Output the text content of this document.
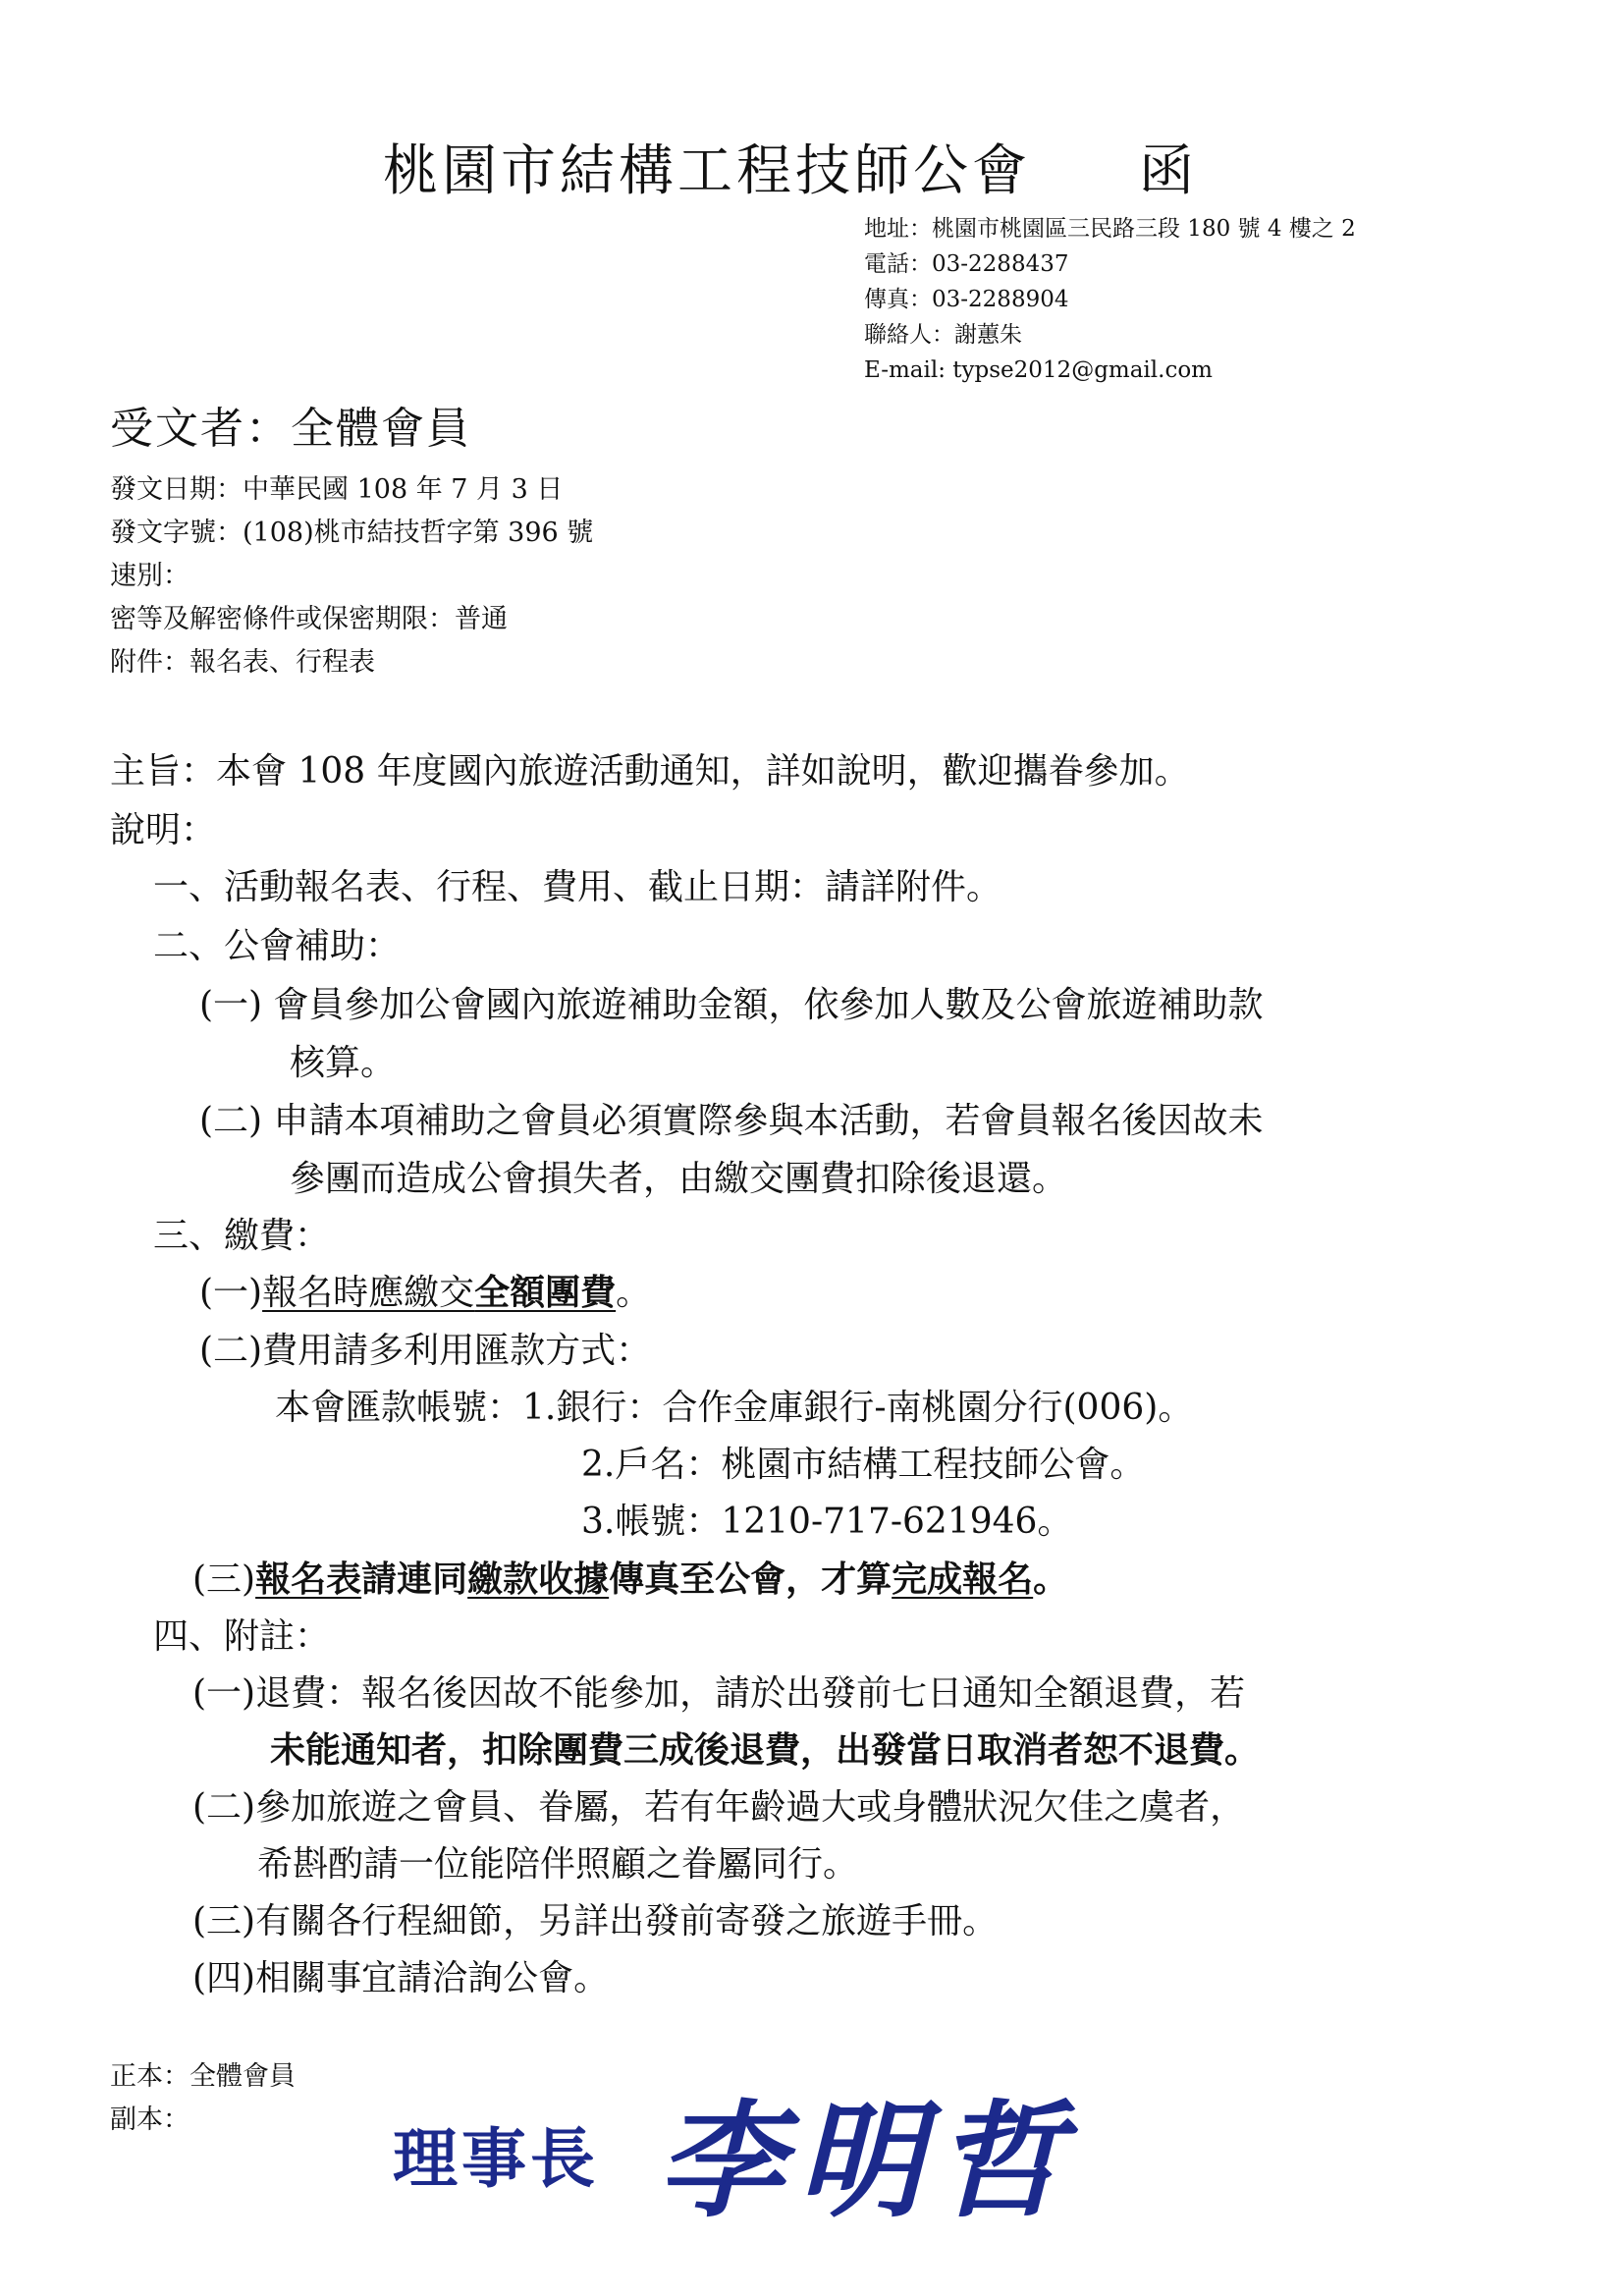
桃園市結構工程技師公會 函
地址：桃園市桃園區三民路三段 180 號 4 樓之 2
電話：03-2288437
傳真：03-2288904
聯絡人：謝蕙朱
E-mail: typse2012@gmail.com
受文者：全體會員
發文日期：中華民國 108 年 7 月 3 日
發文字號：(108)桃市結技哲字第 396 號
速別：
密等及解密條件或保密期限：普通
附件：報名表、行程表
主旨：本會 108 年度國內旅遊活動通知，詳如說明，歡迎攜眷參加。
說明：
一、活動報名表、行程、費用、截止日期：請詳附件。
二、公會補助：
(一) 會員參加公會國內旅遊補助金額，依參加人數及公會旅遊補助款
核算。
(二) 申請本項補助之會員必須實際參與本活動，若會員報名後因故未
參團而造成公會損失者，由繳交團費扣除後退還。
三、繳費：
(一)報名時應繳交全額團費。
(二)費用請多利用匯款方式：
本會匯款帳號：1.銀行：合作金庫銀行-南桃園分行(006)。
2.戶名：桃園市結構工程技師公會。
3.帳號：1210-717-621946。
(三)報名表請連同繳款收據傳真至公會，才算完成報名。
四、附註：
(一)退費：報名後因故不能參加，請於出發前七日通知全額退費，若
未能通知者，扣除團費三成後退費，出發當日取消者恕不退費。
(二)參加旅遊之會員、眷屬，若有年齡過大或身體狀況欠佳之虞者，
希斟酌請一位能陪伴照顧之眷屬同行。
(三)有關各行程細節，另詳出發前寄發之旅遊手冊。
(四)相關事宜請洽詢公會。
正本：全體會員
副本：
理事長 李明哲
